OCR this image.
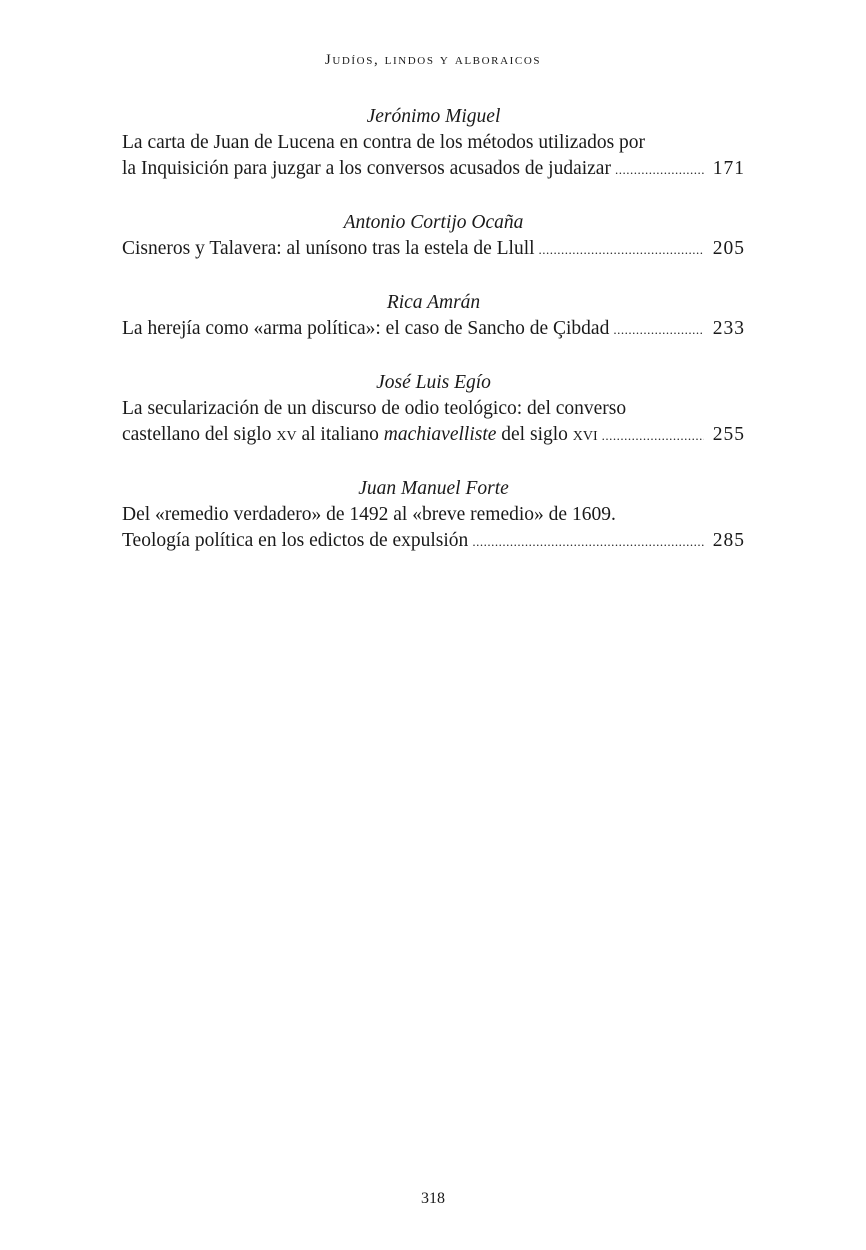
Judíos, lindos y alboraicos
Jerónimo Miguel
La carta de Juan de Lucena en contra de los métodos utilizados por
la Inquisición para juzgar a los conversos acusados de judaizar .....	171
Antonio Cortijo Ocaña
Cisneros y Talavera: al unísono tras la estela de Llull .....	205
Rica Amrán
La herejía como «arma política»: el caso de Sancho de Çibdad .....	233
José Luis Egío
La secularización de un discurso de odio teológico: del converso
castellano del siglo xv al italiano machiavelliste del siglo xvi .....	255
Juan Manuel Forte
Del «remedio verdadero» de 1492 al «breve remedio» de 1609.
Teología política en los edictos de expulsión .....	285
318
